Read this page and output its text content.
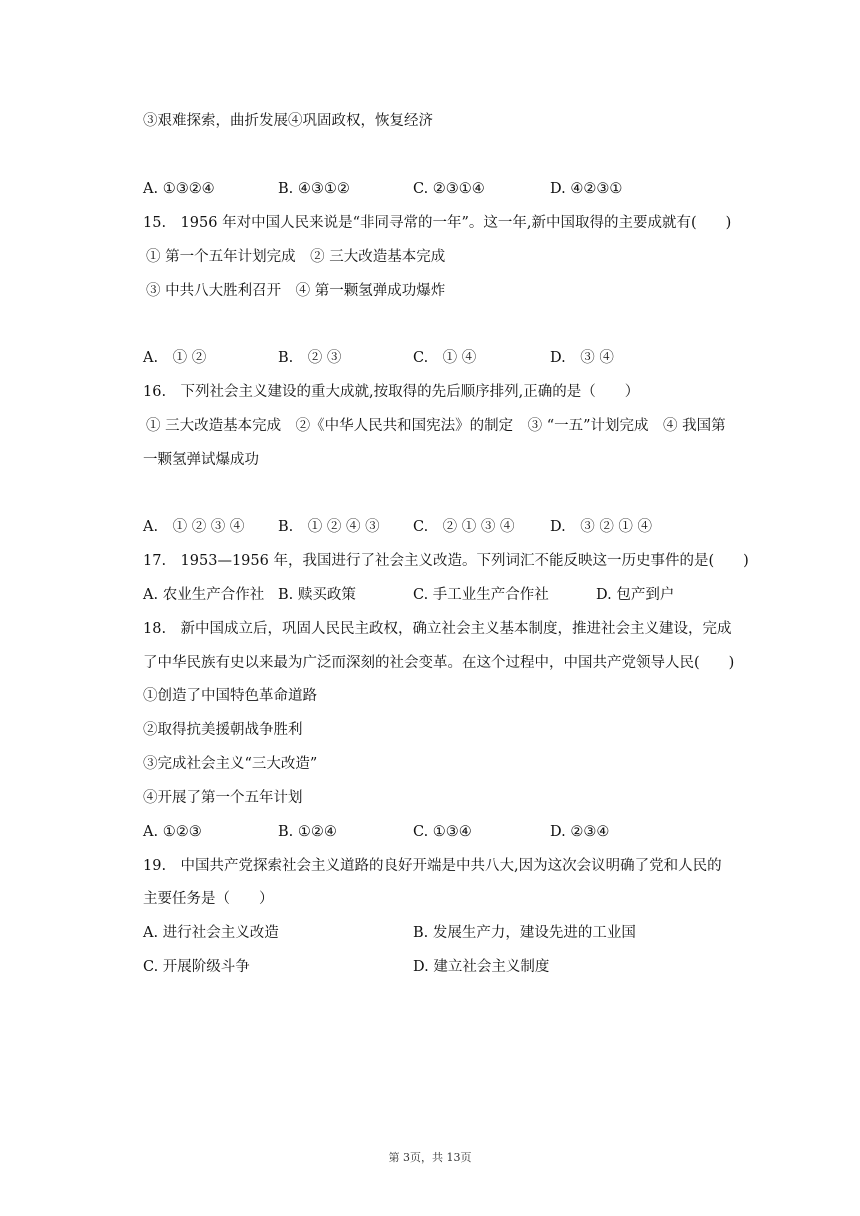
③艰难探索，曲折发展④巩固政权，恢复经济
A. ①③②④	B. ④③①②	C. ②③①④	D. ④②③①
15.　1956 年对中国人民来说是“非同寻常的一年”。这一年,新中国取得的主要成就有(　　)
① 第一个五年计划完成　② 三大改造基本完成
③ 中共八大胜利召开　④ 第一颗氢弹成功爆炸
A.　① ②	B.　② ③	C.　① ④	D.　③ ④
16.　下列社会主义建设的重大成就,按取得的先后顺序排列,正确的是（　　）
① 三大改造基本完成　②《中华人民共和国宪法》的制定　③ “一五”计划完成　④ 我国第
一颗氢弹试爆成功
A.　① ② ③ ④ B.　① ② ④ ③ C.　② ① ③ ④ D.　③ ② ① ④
17.　1953—1956 年，我国进行了社会主义改造。下列词汇不能反映这一历史事件的是(　　)
A. 农业生产合作社 B. 赎买政策	C. 手工业生产合作社	D. 包产到户
18.　新中国成立后，巩固人民民主政权，确立社会主义基本制度，推进社会主义建设，完成
了中华民族有史以来最为广泛而深刻的社会变革。在这个过程中，中国共产党领导人民(　　)
①创造了中国特色革命道路
②取得抗美援朝战争胜利
③完成社会主义“三大改造”
④开展了第一个五年计划
A. ①②③	B. ①②④	C. ①③④	D. ②③④
19.　中国共产党探索社会主义道路的良好开端是中共八大,因为这次会议明确了党和人民的
主要任务是（　　）
A. 进行社会主义改造	B. 发展生产力，建设先进的工业国
C. 开展阶级斗争	D. 建立社会主义制度
第 3页，共 13页
